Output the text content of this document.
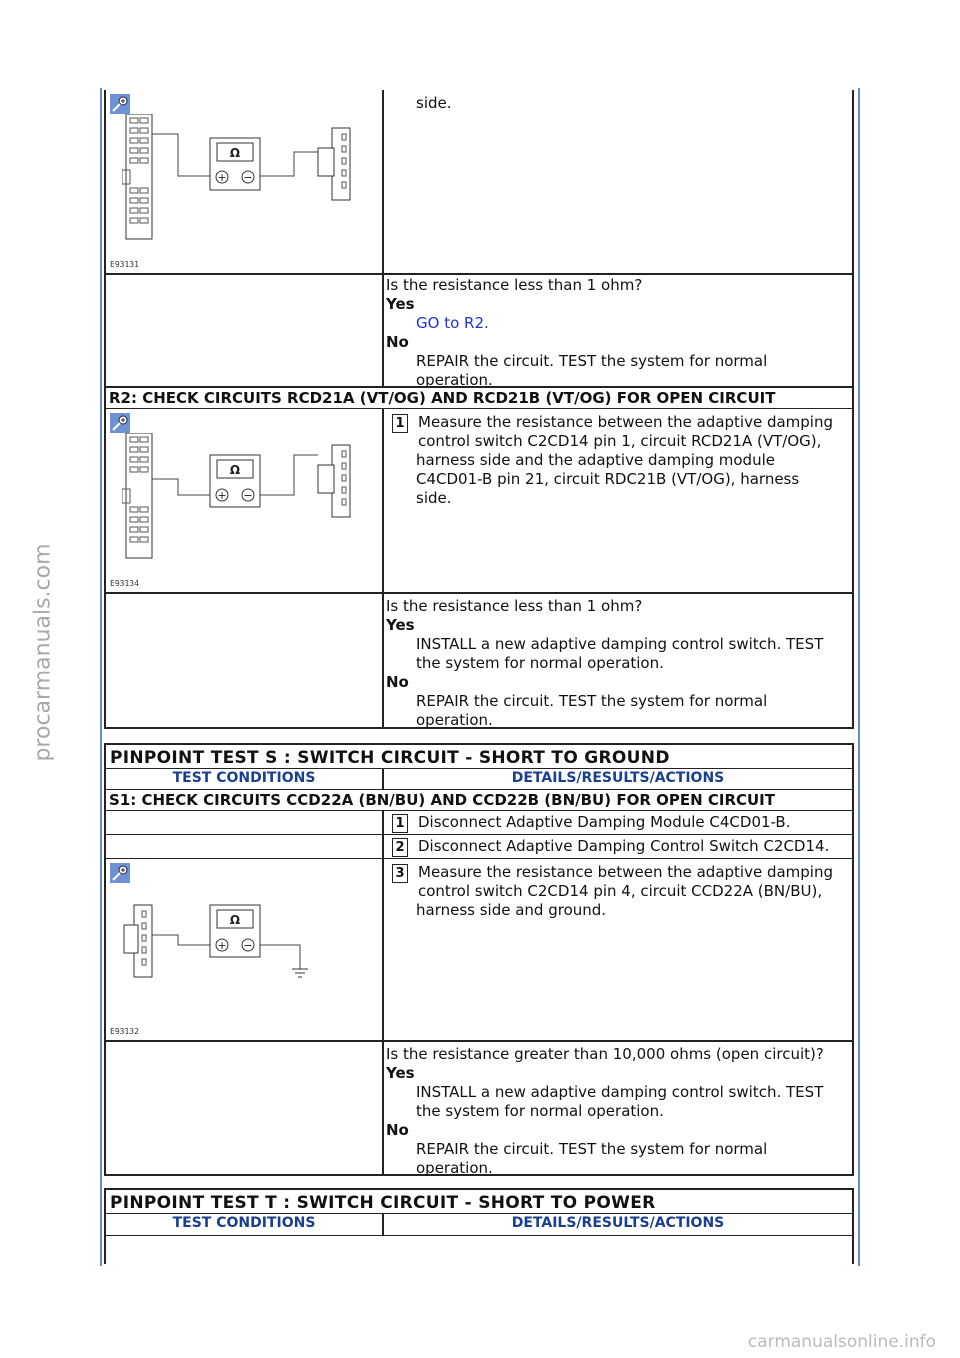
procarmanuals.com
carmanualsonline.info
Ω
+ −
E93131
side.
Is the resistance less than 1 ohm?
Yes
GO to R2.
No
REPAIR the circuit. TEST the system for normal
operation.
R2: CHECK CIRCUITS RCD21A (VT/OG) AND RCD21B (VT/OG) FOR OPEN CIRCUIT
Ω
+ −
E93134
1 Measure the resistance between the adaptive damping
control switch C2CD14 pin 1, circuit RCD21A (VT/OG),
harness side and the adaptive damping module
C4CD01-B pin 21, circuit RDC21B (VT/OG), harness
side.
Is the resistance less than 1 ohm?
Yes
INSTALL a new adaptive damping control switch. TEST
the system for normal operation.
No
REPAIR the circuit. TEST the system for normal
operation.
PINPOINT TEST S : SWITCH CIRCUIT - SHORT TO GROUND
TEST CONDITIONS	DETAILS/RESULTS/ACTIONS
S1: CHECK CIRCUITS CCD22A (BN/BU) AND CCD22B (BN/BU) FOR OPEN CIRCUIT
1 Disconnect Adaptive Damping Module C4CD01-B.
2 Disconnect Adaptive Damping Control Switch C2CD14.
Ω
+ −
E93132
3 Measure the resistance between the adaptive damping
control switch C2CD14 pin 4, circuit CCD22A (BN/BU),
harness side and ground.
Is the resistance greater than 10,000 ohms (open circuit)?
Yes
INSTALL a new adaptive damping control switch. TEST
the system for normal operation.
No
REPAIR the circuit. TEST the system for normal
operation.
PINPOINT TEST T : SWITCH CIRCUIT - SHORT TO POWER
TEST CONDITIONS	DETAILS/RESULTS/ACTIONS
